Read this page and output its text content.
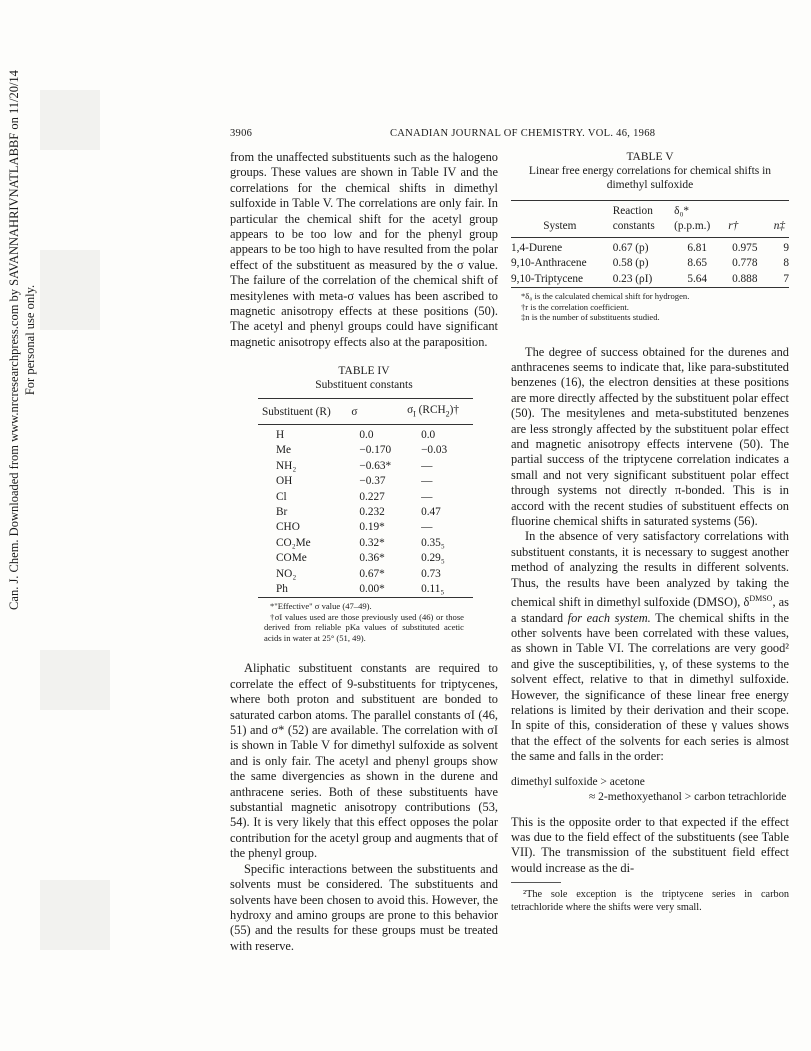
Can. J. Chem. Downloaded from www.nrcresearchpress.com by SAVANNAHRIVNATLABBF on 11/20/14 For personal use only.
3906	CANADIAN JOURNAL OF CHEMISTRY. VOL. 46, 1968

from the unaffected substituents such as the halogeno groups. These values are shown in Table IV and the correlations for the chemical shifts in dimethyl sulfoxide in Table V. The correlations are only fair. In particular the chemical shift for the acetyl group appears to be too low and for the phenyl group appears to be too high to have resulted from the polar effect of the substituent as measured by the σ value. The failure of the correlation of the chemical shift of mesitylenes with meta-σ values has been ascribed to magnetic anisotropy effects at these positions (50). The acetyl and phenyl groups could have significant magnetic anisotropy effects also at the paraposition.

TABLE IV
Substituent constants
Substituent (R)	σ	$\sigma_I$ $(RCH_2)\dagger$
H	0.0	0.0
Me	−0.170	−0.03
NH₂	−0.63*	—
OH	−0.37	—
Cl	0.227	—
Br	0.232	0.47
CHO	0.19*	—
CO₂Me	0.32*	0.35₅
COMe	0.36*	0.29₅
NO₂	0.67*	0.73
Ph	0.00*	0.11₅

*"Effective" σ value (47–49).

†σI values used are those previously used (46) or those derived from reliable pKa values of substituted acetic acids in water at 25° (51, 49).

Aliphatic substituent constants are required to correlate the effect of 9-substituents for triptycenes, where both proton and substituent are bonded to saturated carbon atoms. The parallel constants σI (46, 51) and σ* (52) are available. The correlation with σI is shown in Table V for dimethyl sulfoxide as solvent and is only fair. The acetyl and phenyl groups show the same divergencies as shown in the durene and anthracene series. Both of these substituents have substantial magnetic anisotropy contributions (53, 54). It is very likely that this effect opposes the polar contribution for the acetyl group and augments that of the phenyl group.

Specific interactions between the substituents and solvents must be considered. The substituents and solvents have been chosen to avoid this. However, the hydroxy and amino groups are prone to this behavior (55) and the results for these groups must be treated with reserve.

TABLE V
Linear free energy correlations for chemical shifts in dimethyl sulfoxide
	Reaction	δ₀*		
System	constants	(p.p.m.)	r†	n‡
1,4-Durene	0.67 (p)	6.81	0.975	9
9,10-Anthracene	0.58 (p)	8.65	0.778	8
9,10-Triptycene	0.23 (ρI)	5.64	0.888	7

*δ₀ is the calculated chemical shift for hydrogen.

†r is the correlation coefficient.

‡n is the number of substituents studied.

The degree of success obtained for the durenes and anthracenes seems to indicate that, like para-substituted benzenes (16), the electron densities at these positions are more directly affected by the substituent polar effect (50). The mesitylenes and meta-substituted benzenes are less strongly affected by the substituent polar effect and magnetic anisotropy effects intervene (50). The partial success of the triptycene correlation indicates a small and not very significant substituent polar effect through systems not directly π-bonded. This is in accord with the recent studies of substituent effects on fluorine chemical shifts in saturated systems (56).

In the absence of very satisfactory correlations with substituent constants, it is necessary to suggest another method of analyzing the results in different solvents. Thus, the results have been analyzed by taking the chemical shift in dimethyl sulfoxide (DMSO), $\delta^{DMSO}$, as a standard for each system. The chemical shifts in the other solvents have been correlated with these values, as shown in Table VI. The correlations are very good² and give the susceptibilities, γ, of these systems to the solvent effect, relative to that in dimethyl sulfoxide. However, the significance of these linear free energy relations is limited by their derivation and their scope. In spite of this, consideration of these γ values shows that the effect of the solvents for each series is almost the same and falls in the order:

dimethyl sulfoxide > acetone
≈ 2-methoxyethanol > carbon tetrachloride

This is the opposite order to that expected if the effect was due to the field effect of the substituents (see Table VII). The transmission of the substituent field effect would increase as the di-

²The sole exception is the triptycene series in carbon tetrachloride where the shifts were very small.
